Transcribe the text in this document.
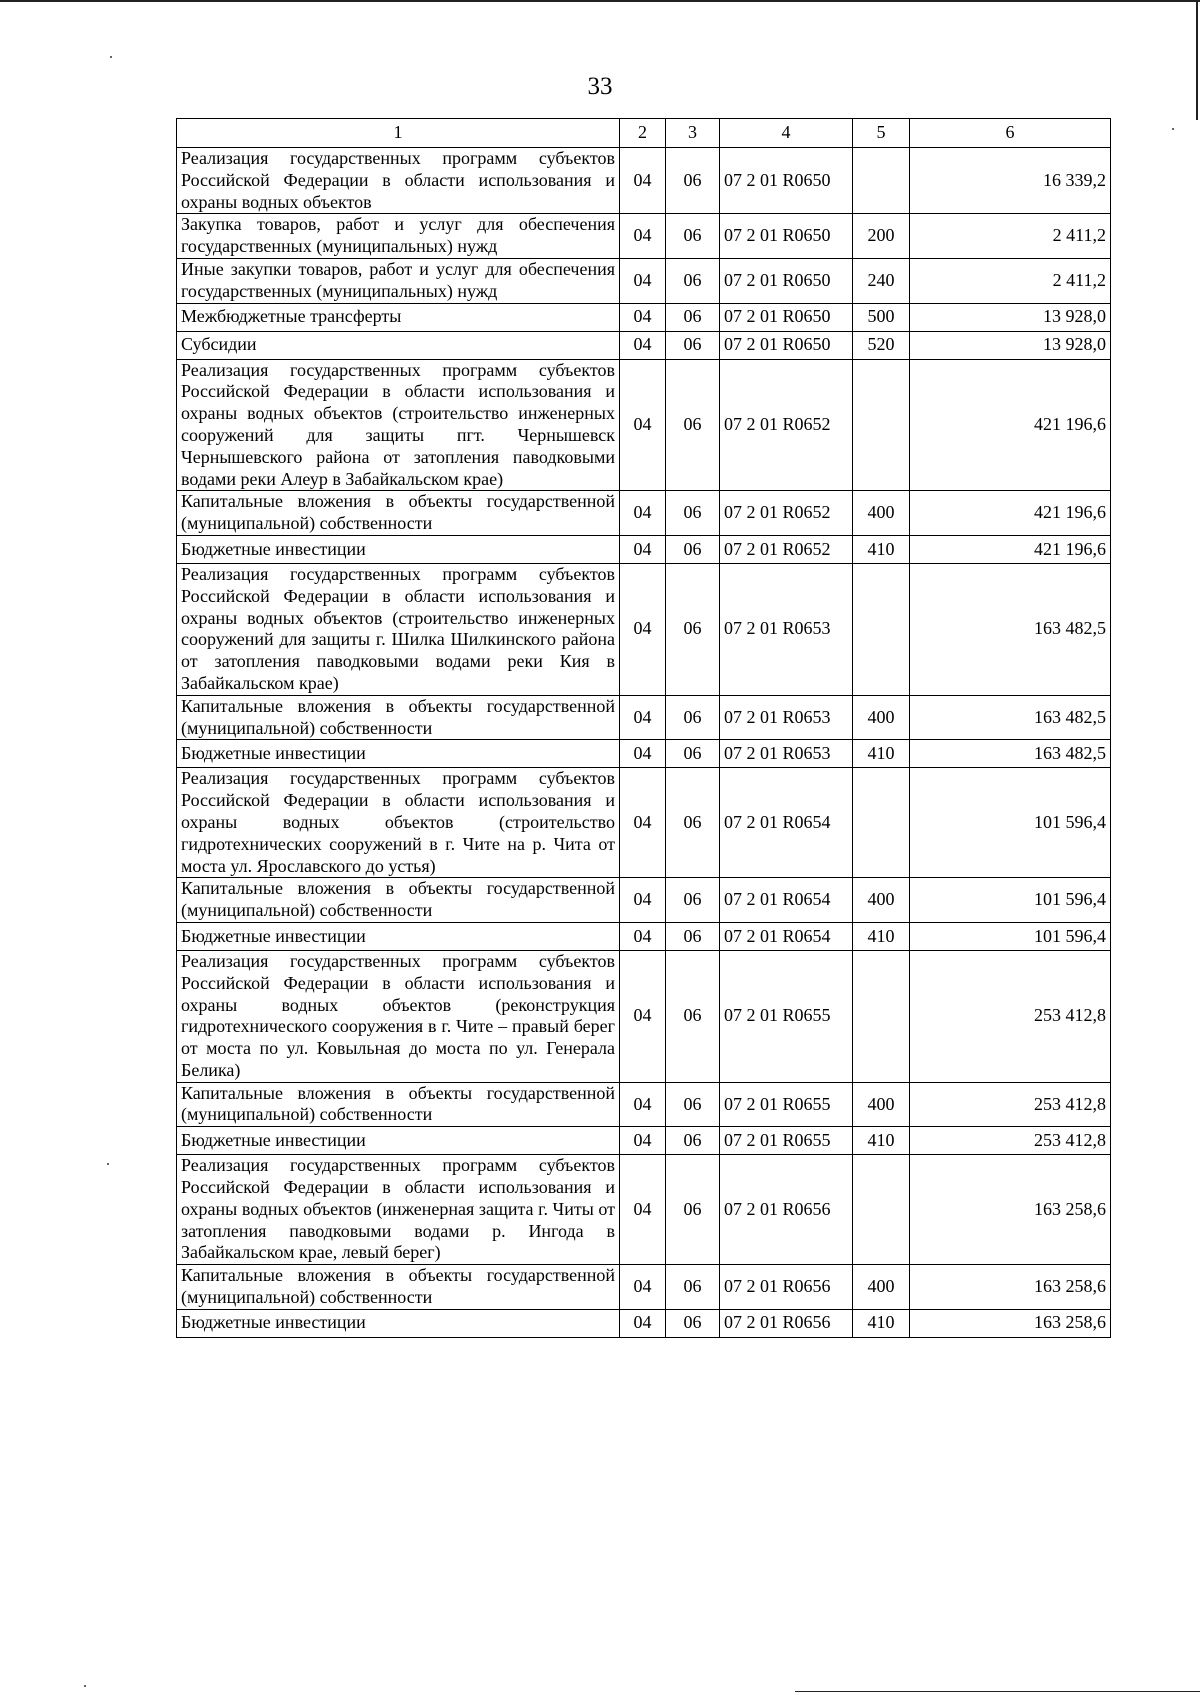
33
1	2	3	4	5	6
Реализация государственных программ субъектов Российской Федерации в области использования и охраны водных объектов	04	06	07 2 01 R0650		16 339,2
Закупка товаров, работ и услуг для обеспечения государственных (муниципальных) нужд	04	06	07 2 01 R0650	200	2 411,2
Иные закупки товаров, работ и услуг для обеспечения государственных (муниципальных) нужд	04	06	07 2 01 R0650	240	2 411,2
Межбюджетные трансферты	04	06	07 2 01 R0650	500	13 928,0
Субсидии	04	06	07 2 01 R0650	520	13 928,0
Реализация государственных программ субъектов Российской Федерации в области использования и охраны водных объектов (строительство инженерных сооружений для защиты пгт. Чернышевск Чернышевского района от затопления паводковыми водами реки Алеур в Забайкальском крае)	04	06	07 2 01 R0652		421 196,6
Капитальные вложения в объекты государственной (муниципальной) собственности	04	06	07 2 01 R0652	400	421 196,6
Бюджетные инвестиции	04	06	07 2 01 R0652	410	421 196,6
Реализация государственных программ субъектов Российской Федерации в области использования и охраны водных объектов (строительство инженерных сооружений для защиты г. Шилка Шилкинского района от затопления паводковыми водами реки Кия в Забайкальском крае)	04	06	07 2 01 R0653		163 482,5
Капитальные вложения в объекты государственной (муниципальной) собственности	04	06	07 2 01 R0653	400	163 482,5
Бюджетные инвестиции	04	06	07 2 01 R0653	410	163 482,5
Реализация государственных программ субъектов Российской Федерации в области использования и охраны водных объектов (строительство гидротехнических сооружений в г. Чите на р. Чита от моста ул. Ярославского до устья)	04	06	07 2 01 R0654		101 596,4
Капитальные вложения в объекты государственной (муниципальной) собственности	04	06	07 2 01 R0654	400	101 596,4
Бюджетные инвестиции	04	06	07 2 01 R0654	410	101 596,4
Реализация государственных программ субъектов Российской Федерации в области использования и охраны водных объектов (реконструкция гидротехнического сооружения в г. Чите – правый берег от моста по ул. Ковыльная до моста по ул. Генерала Белика)	04	06	07 2 01 R0655		253 412,8
Капитальные вложения в объекты государственной (муниципальной) собственности	04	06	07 2 01 R0655	400	253 412,8
Бюджетные инвестиции	04	06	07 2 01 R0655	410	253 412,8
Реализация государственных программ субъектов Российской Федерации в области использования и охраны водных объектов (инженерная защита г. Читы от затопления паводковыми водами р. Ингода в Забайкальском крае, левый берег)	04	06	07 2 01 R0656		163 258,6
Капитальные вложения в объекты государственной (муниципальной) собственности	04	06	07 2 01 R0656	400	163 258,6
Бюджетные инвестиции	04	06	07 2 01 R0656	410	163 258,6
